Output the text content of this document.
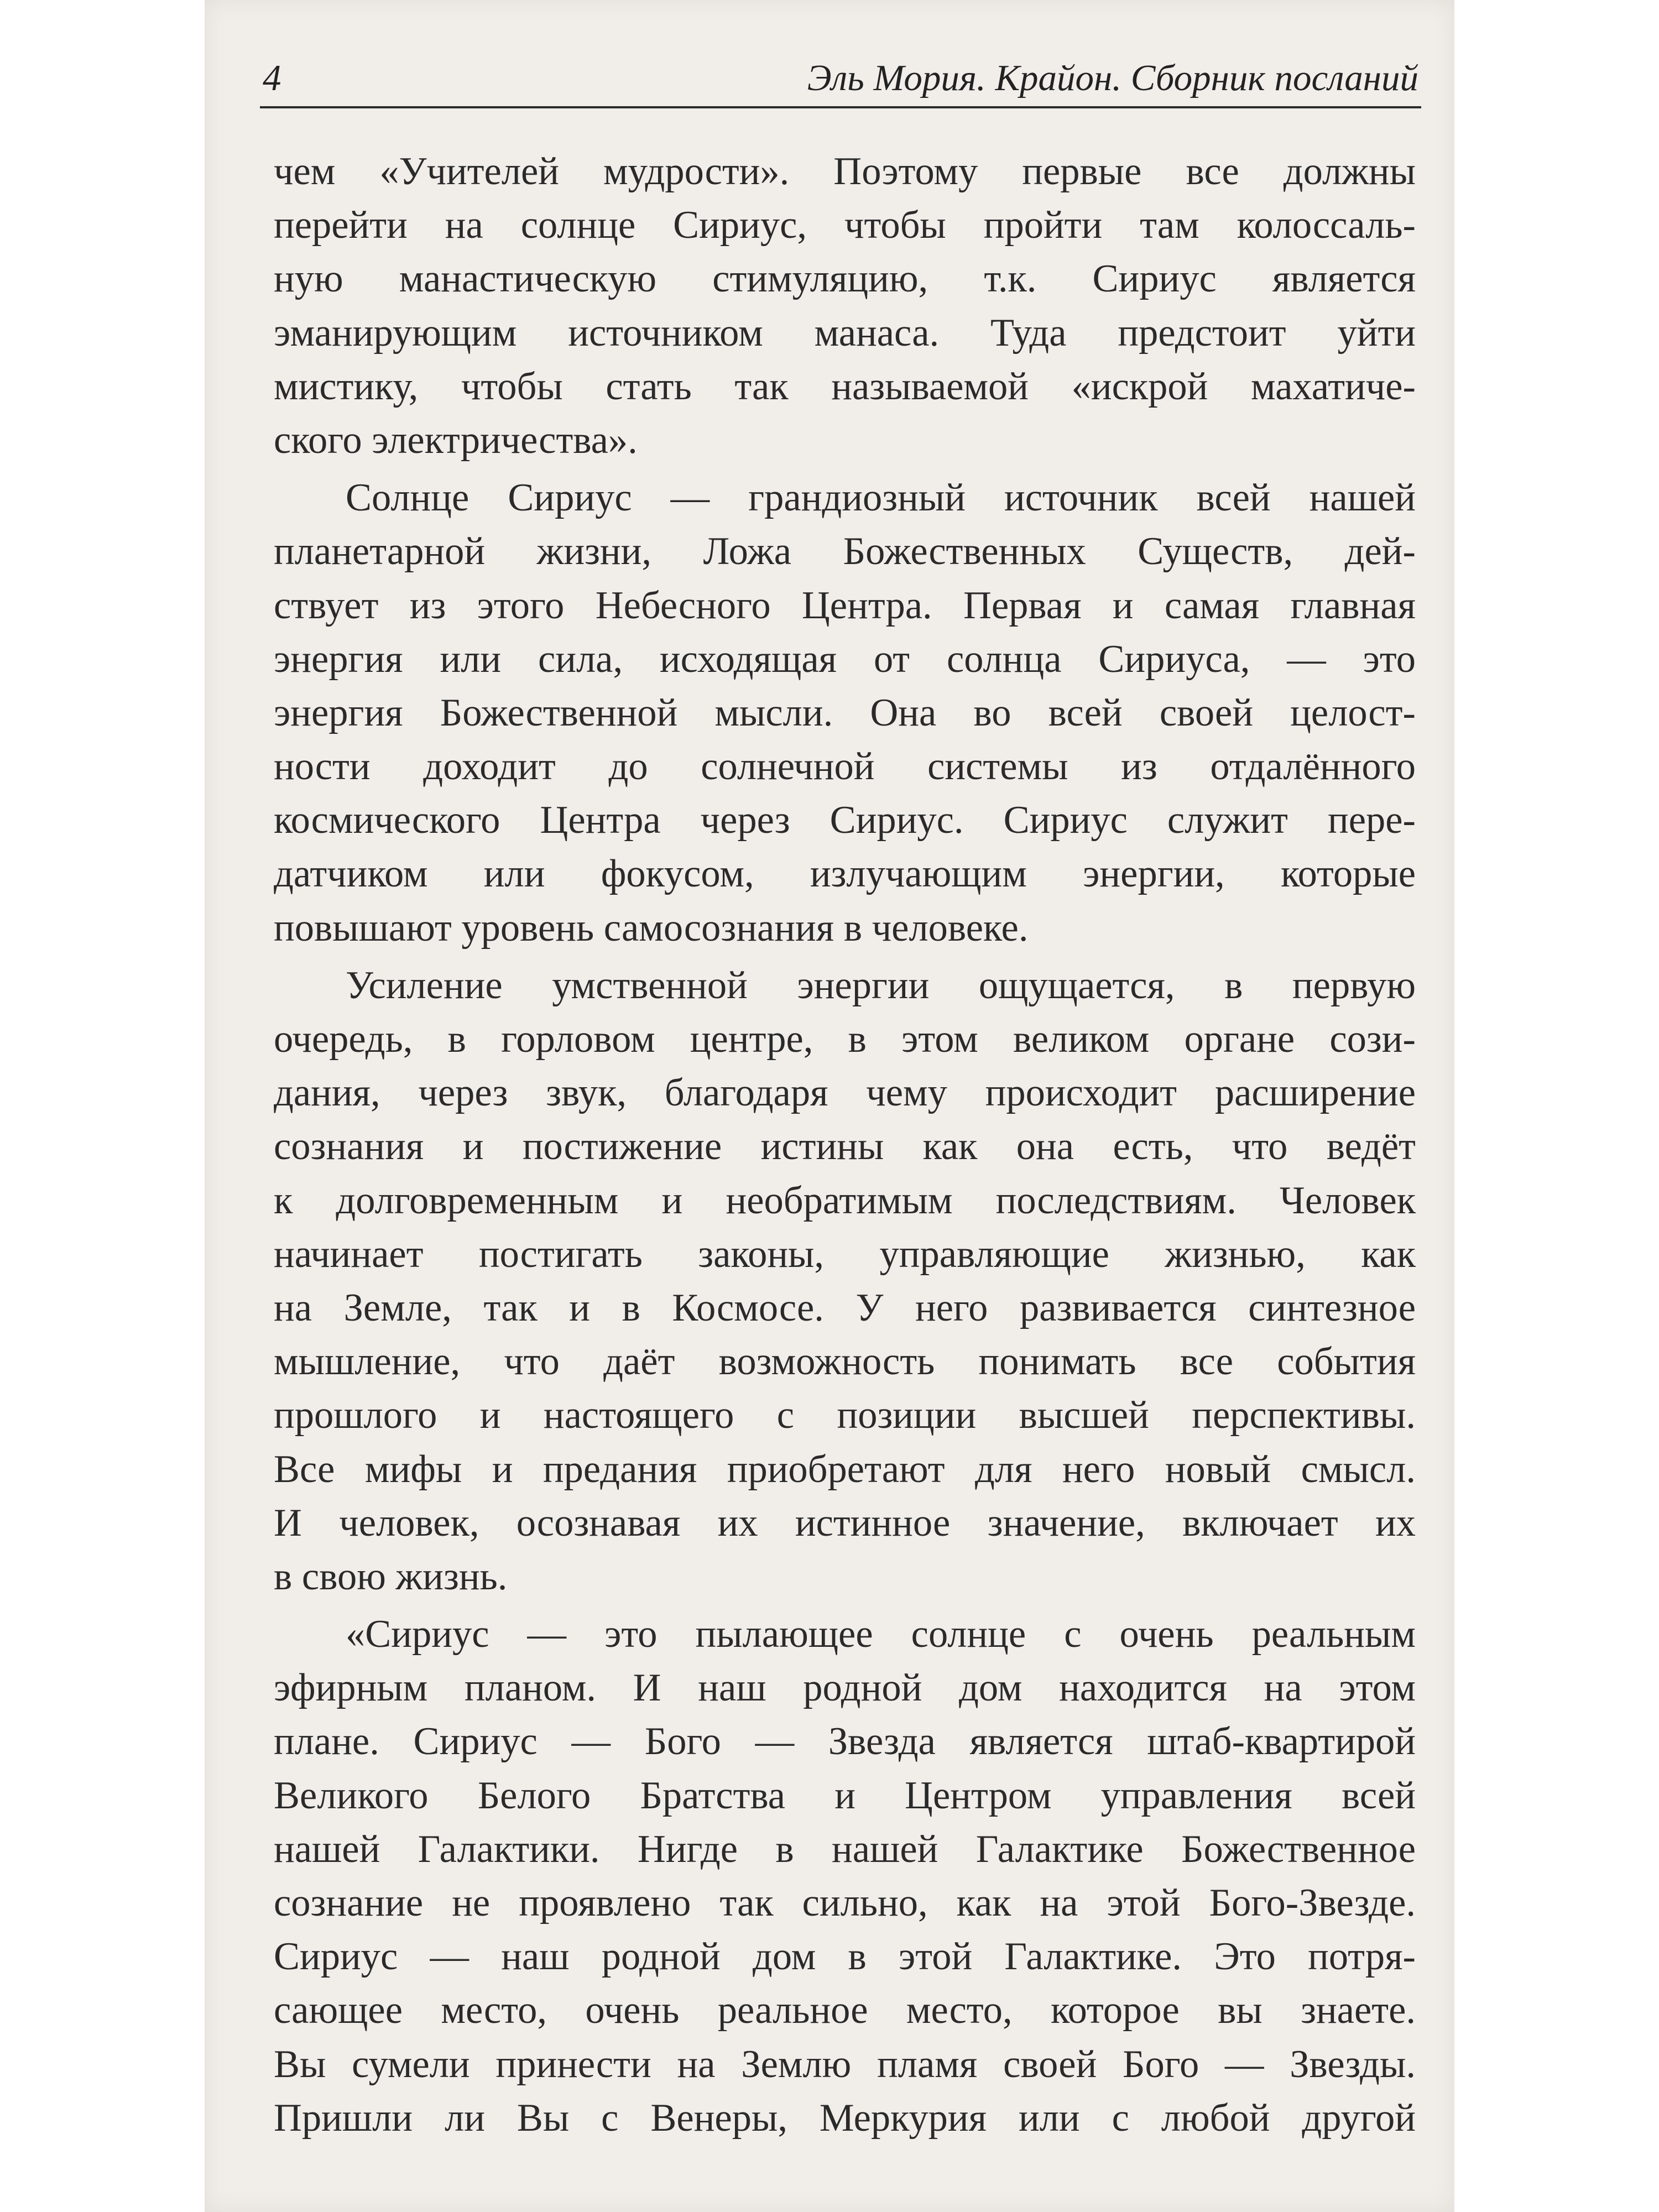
4	Эль Мория. Крайон. Сборник посланий
чем «Учителей мудрости». Поэтому первые все должны
перейти на солнце Сириус, чтобы пройти там колоссаль-
ную манастическую стимуляцию, т.к. Сириус является
эманирующим источником манаса. Туда предстоит уйти
мистику, чтобы стать так называемой «искрой махатиче-
ского электричества».
Солнце Сириус — грандиозный источник всей нашей
планетарной жизни, Ложа Божественных Существ, дей-
ствует из этого Небесного Центра. Первая и самая главная
энергия или сила, исходящая от солнца Сириуса, — это
энергия Божественной мысли. Она во всей своей целост-
ности доходит до солнечной системы из отдалённого
космического Центра через Сириус. Сириус служит пере-
датчиком или фокусом, излучающим энергии, которые
повышают уровень самосознания в человеке.
Усиление умственной энергии ощущается, в первую
очередь, в горловом центре, в этом великом органе сози-
дания, через звук, благодаря чему происходит расширение
сознания и постижение истины как она есть, что ведёт
к долговременным и необратимым последствиям. Человек
начинает постигать законы, управляющие жизнью, как
на Земле, так и в Космосе. У него развивается синтезное
мышление, что даёт возможность понимать все события
прошлого и настоящего с позиции высшей перспективы.
Все мифы и предания приобретают для него новый смысл.
И человек, осознавая их истинное значение, включает их
в свою жизнь.
«Сириус — это пылающее солнце с очень реальным
эфирным планом. И наш родной дом находится на этом
плане. Сириус — Бого — Звезда является штаб-квартирой
Великого Белого Братства и Центром управления всей
нашей Галактики. Нигде в нашей Галактике Божественное
сознание не проявлено так сильно, как на этой Бого-Звезде.
Сириус — наш родной дом в этой Галактике. Это потря-
сающее место, очень реальное место, которое вы знаете.
Вы сумели принести на Землю пламя своей Бого — Звезды.
Пришли ли Вы с Венеры, Меркурия или с любой другой
